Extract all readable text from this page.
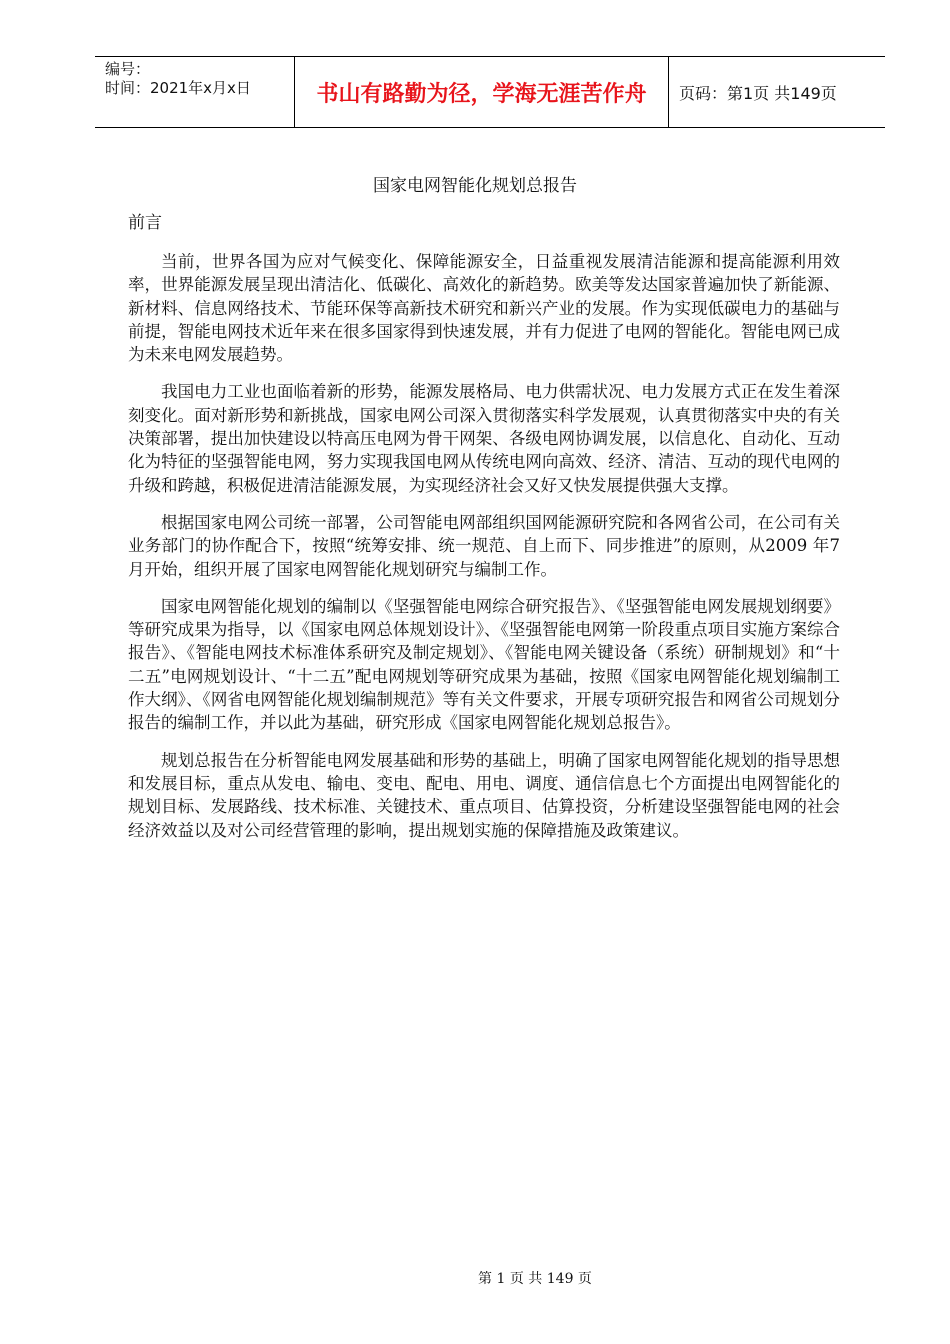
编号：
时间：2021年x月x日	书山有路勤为径，学海无涯苦作舟	页码：第1页 共149页
国家电网智能化规划总报告
前言

当前，世界各国为应对气候变化、保障能源安全，日益重视发展清洁能源和提高能源利用效率，世界能源发展呈现出清洁化、低碳化、高效化的新趋势。欧美等发达国家普遍加快了新能源、新材料、信息网络技术、节能环保等高新技术研究和新兴产业的发展。作为实现低碳电力的基础与前提，智能电网技术近年来在很多国家得到快速发展，并有力促进了电网的智能化。智能电网已成为未来电网发展趋势。

我国电力工业也面临着新的形势，能源发展格局、电力供需状况、电力发展方式正在发生着深刻变化。面对新形势和新挑战，国家电网公司深入贯彻落实科学发展观，认真贯彻落实中央的有关决策部署，提出加快建设以特高压电网为骨干网架、各级电网协调发展，以信息化、自动化、互动化为特征的坚强智能电网，努力实现我国电网从传统电网向高效、经济、清洁、互动的现代电网的升级和跨越，积极促进清洁能源发展，为实现经济社会又好又快发展提供强大支撑。

根据国家电网公司统一部署，公司智能电网部组织国网能源研究院和各网省公司，在公司有关业务部门的协作配合下，按照“统筹安排、统一规范、自上而下、同步推进”的原则，从2009 年7 月开始，组织开展了国家电网智能化规划研究与编制工作。

国家电网智能化规划的编制以《坚强智能电网综合研究报告》、《坚强智能电网发展规划纲要》等研究成果为指导，以《国家电网总体规划设计》、《坚强智能电网第一阶段重点项目实施方案综合报告》、《智能电网技术标准体系研究及制定规划》、《智能电网关键设备（系统）研制规划》和“十二五”电网规划设计、“十二五”配电网规划等研究成果为基础，按照《国家电网智能化规划编制工作大纲》、《网省电网智能化规划编制规范》等有关文件要求，开展专项研究报告和网省公司规划分报告的编制工作，并以此为基础，研究形成《国家电网智能化规划总报告》。

规划总报告在分析智能电网发展基础和形势的基础上，明确了国家电网智能化规划的指导思想和发展目标，重点从发电、输电、变电、配电、用电、调度、通信信息七个方面提出电网智能化的规划目标、发展路线、技术标准、关键技术、重点项目、估算投资，分析建设坚强智能电网的社会经济效益以及对公司经营管理的影响，提出规划实施的保障措施及政策建议。

第 1 页 共 149 页
